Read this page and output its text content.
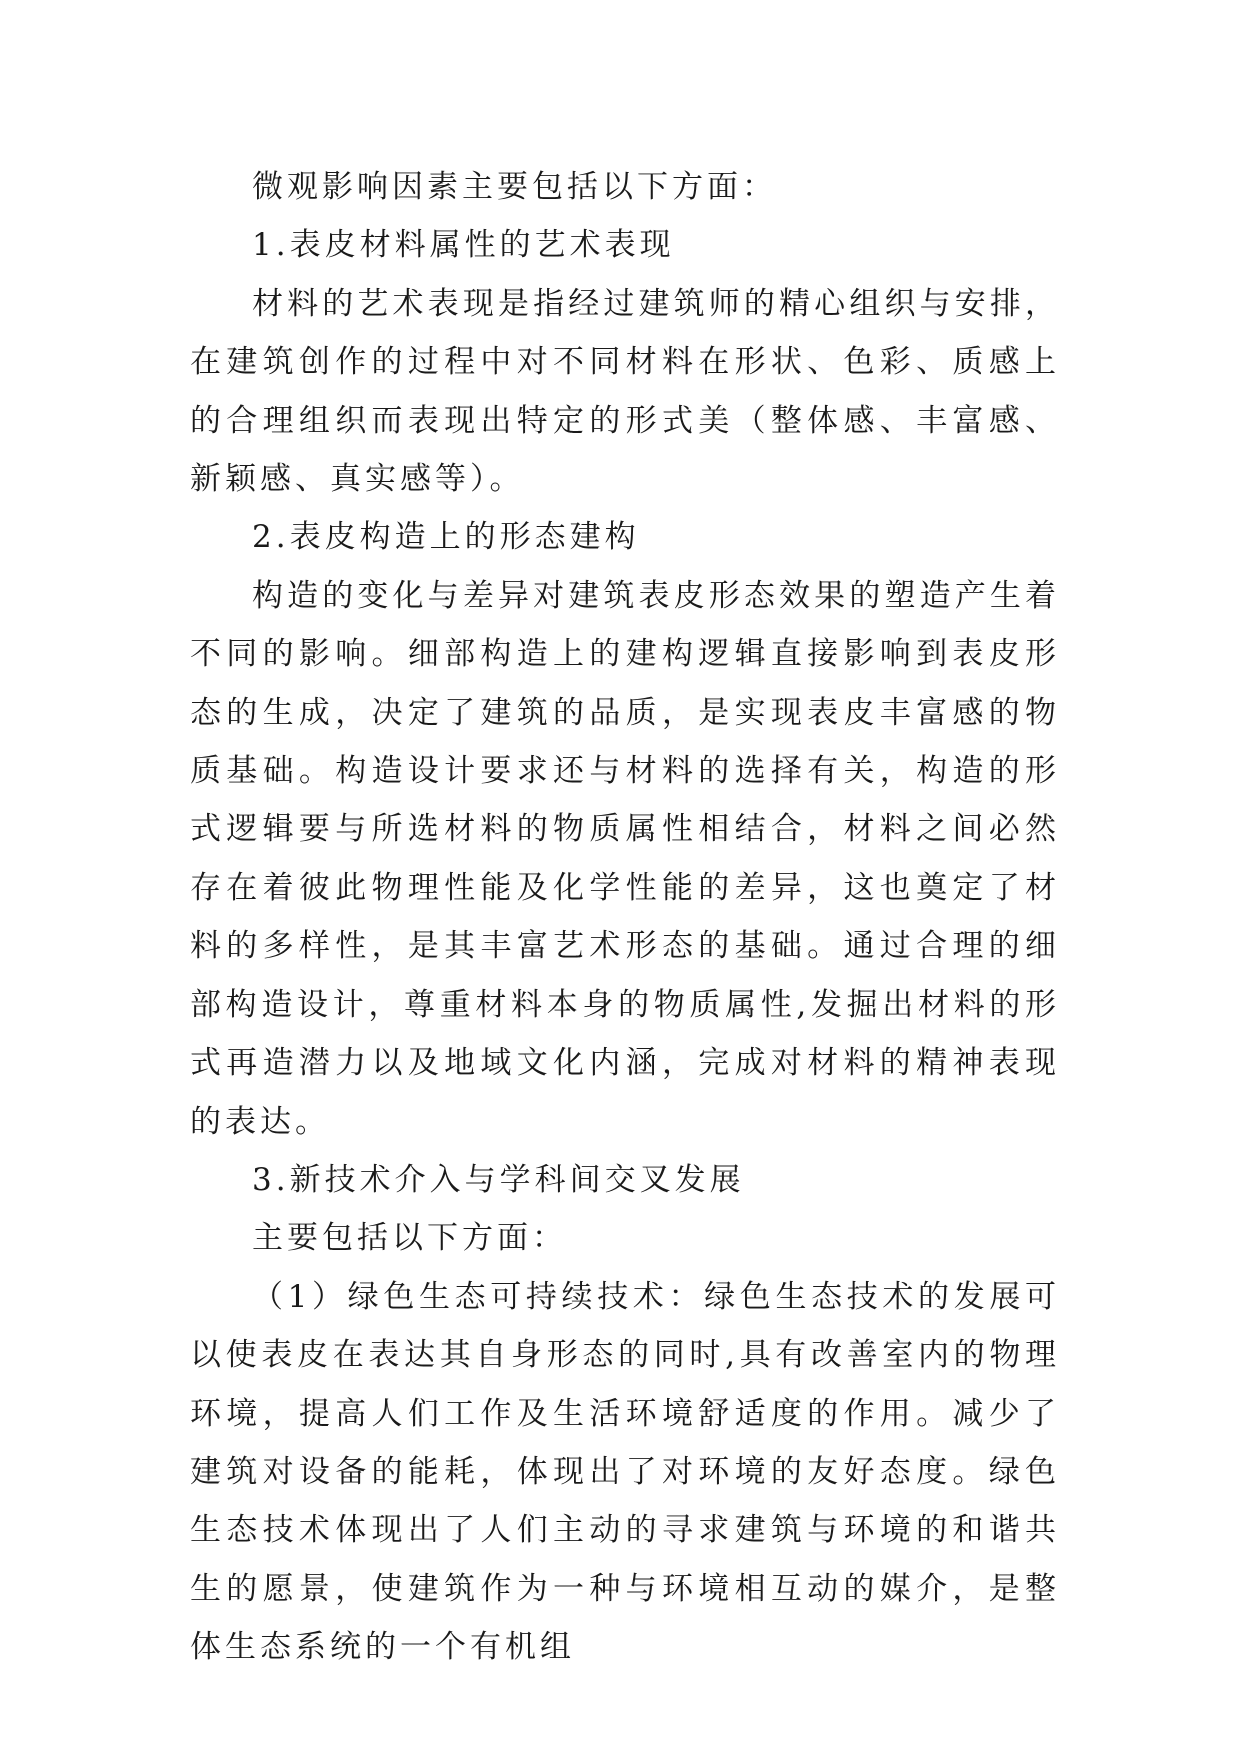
微观影响因素主要包括以下方面：

1.表皮材料属性的艺术表现

材料的艺术表现是指经过建筑师的精心组织与安排，在建筑创作的过程中对不同材料在形状、色彩、质感上的合理组织而表现出特定的形式美（整体感、丰富感、新颖感、真实感等）。

2.表皮构造上的形态建构

构造的变化与差异对建筑表皮形态效果的塑造产生着不同的影响。细部构造上的建构逻辑直接影响到表皮形态的生成，决定了建筑的品质，是实现表皮丰富感的物质基础。构造设计要求还与材料的选择有关，构造的形式逻辑要与所选材料的物质属性相结合，材料之间必然存在着彼此物理性能及化学性能的差异，这也奠定了材料的多样性，是其丰富艺术形态的基础。通过合理的细部构造设计，尊重材料本身的物质属性,发掘出材料的形式再造潜力以及地域文化内涵，完成对材料的精神表现的表达。

3.新技术介入与学科间交叉发展

主要包括以下方面：

（1）绿色生态可持续技术：绿色生态技术的发展可以使表皮在表达其自身形态的同时,具有改善室内的物理环境，提高人们工作及生活环境舒适度的作用。减少了建筑对设备的能耗，体现出了对环境的友好态度。绿色生态技术体现出了人们主动的寻求建筑与环境的和谐共生的愿景，使建筑作为一种与环境相互动的媒介，是整体生态系统的一个有机组
